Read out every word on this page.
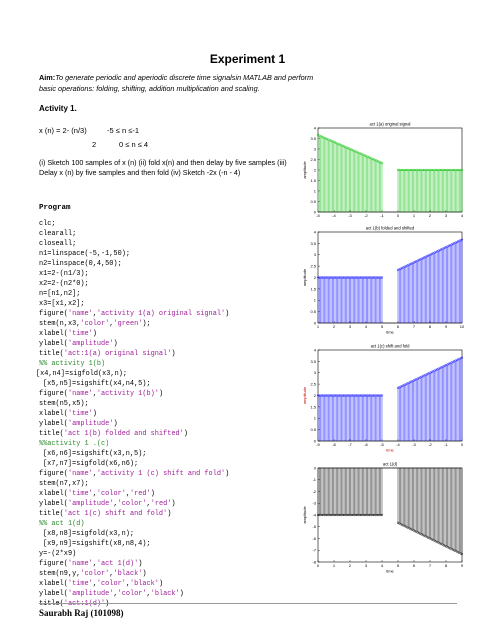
Experiment 1
Aim:To generate periodic and aperiodic discrete time signalsin MATLAB and perform basic operations: folding, shifting, addition multiplication and scaling.
Activity 1.
x (n) = 2- (n/3)	-5 ≤ n ≤-1
2	0 ≤ n ≤ 4
(i) Sketch 100 samples of x (n) (ii) fold x(n) and then delay by five samples (iii) Delay x (n) by five samples and then fold (iv) Sketch -2x (-n - 4)
Program
clc;
clearall;
closeall;
n1=linspace(-5,-1,50);
n2=linspace(0,4,50);
x1=2-(n1/3);
x2=2-(n2*0);
n=[n1,n2];
x3=[x1,x2];
figure('name','activity 1(a) original signal')
stem(n,x3,'color','green');
xlabel('time')
ylabel('amplitude')
title('act:1(a) original signal')
%% activity 1(b)
[x4,n4]=sigfold(x3,n);
[x5,n5]=sigshift(x4,n4,5);
figure('name','activity 1(b)')
stem(n5,x5);
xlabel('time')
ylabel('amplitude')
title('act 1(b) folded and shifted')
%%activity 1 .(c)
[x6,n6]=sigshift(x3,n,5);
[x7,n7]=sigfold(x6,n6);
figure('name','activity 1 (c) shift and fold')
stem(n7,x7);
xlabel('time','color','red')
ylabel('amplitude','color','red')
title('act 1(c) shift and fold')
%% act 1(d)
[x8,n8]=sigfold(x3,n);
[x9,n9]=sigshift(x8,n8,4);
y=-(2*x9)
figure('name','act 1(d)')
stem(n9,y,'color','black')
xlabel('time','color','black')
ylabel('amplitude','color','black')
title('act:1(d)')
Saurabh Raj (101098)
act 1(a) original signal
0
0.5
1
1.5
2
2.5
3
3.5
4
-5	-4	-3	-2	-1	0	1	2	3	4
amplitude
act 1(b) folded and shifted
0
0.5
1
1.5
2
2.5
3
3.5
4
1	2	3	4	5	6	7	8	9	10
time
amplitude
act 1(c) shift and fold
0
0.5
1
1.5
2
2.5
3
3.5
4
-9	-8	-7	-6	-5	-4	-3	-2	-1	0
time
amplitude
act 1(d)
-8
-7
-6
-5
-4
-3
-2
-1
0
0	1	2	3	4	5	6	7	8	9
time
amplitude
